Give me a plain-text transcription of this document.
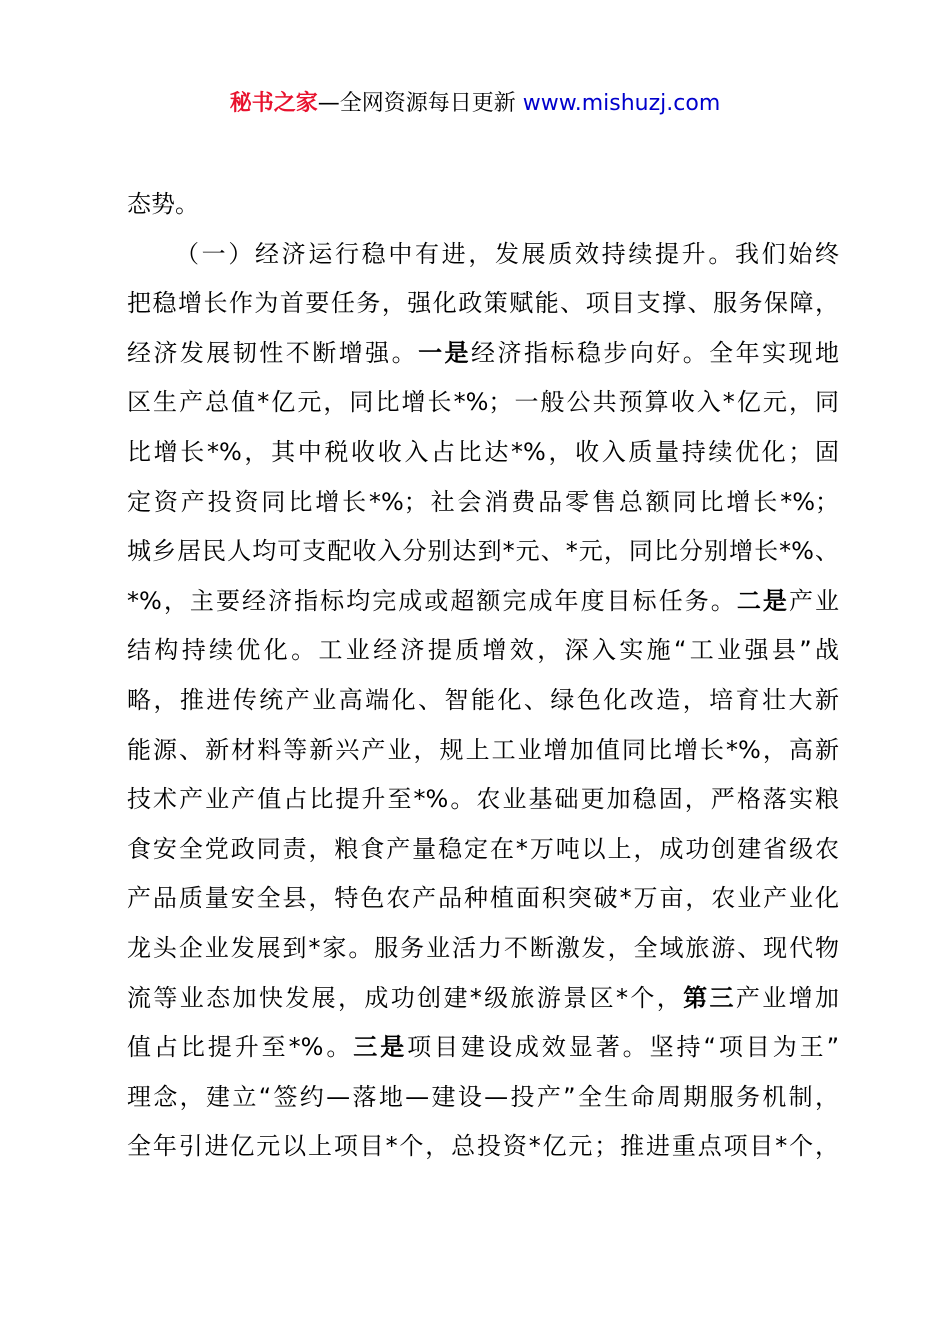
秘书之家—全网资源每日更新 www.mishuzj.com
态势。
（一）经济运行稳中有进，发展质效持续提升。我们始终
把稳增长作为首要任务，强化政策赋能、项目支撑、服务保障，
经济发展韧性不断增强。一是经济指标稳步向好。全年实现地
区生产总值*亿元，同比增长*%；一般公共预算收入*亿元，同
比增长*%，其中税收收入占比达*%，收入质量持续优化；固
定资产投资同比增长*%；社会消费品零售总额同比增长*%；
城乡居民人均可支配收入分别达到*元、*元，同比分别增长*%、
*%，主要经济指标均完成或超额完成年度目标任务。二是产业
结构持续优化。工业经济提质增效，深入实施“工业强县”战
略，推进传统产业高端化、智能化、绿色化改造，培育壮大新
能源、新材料等新兴产业，规上工业增加值同比增长*%，高新
技术产业产值占比提升至*%。农业基础更加稳固，严格落实粮
食安全党政同责，粮食产量稳定在*万吨以上，成功创建省级农
产品质量安全县，特色农产品种植面积突破*万亩，农业产业化
龙头企业发展到*家。服务业活力不断激发，全域旅游、现代物
流等业态加快发展，成功创建*级旅游景区*个，第三产业增加
值占比提升至*%。三是项目建设成效显著。坚持“项目为王”
理念，建立“签约—落地—建设—投产”全生命周期服务机制，
全年引进亿元以上项目*个，总投资*亿元；推进重点项目*个，
